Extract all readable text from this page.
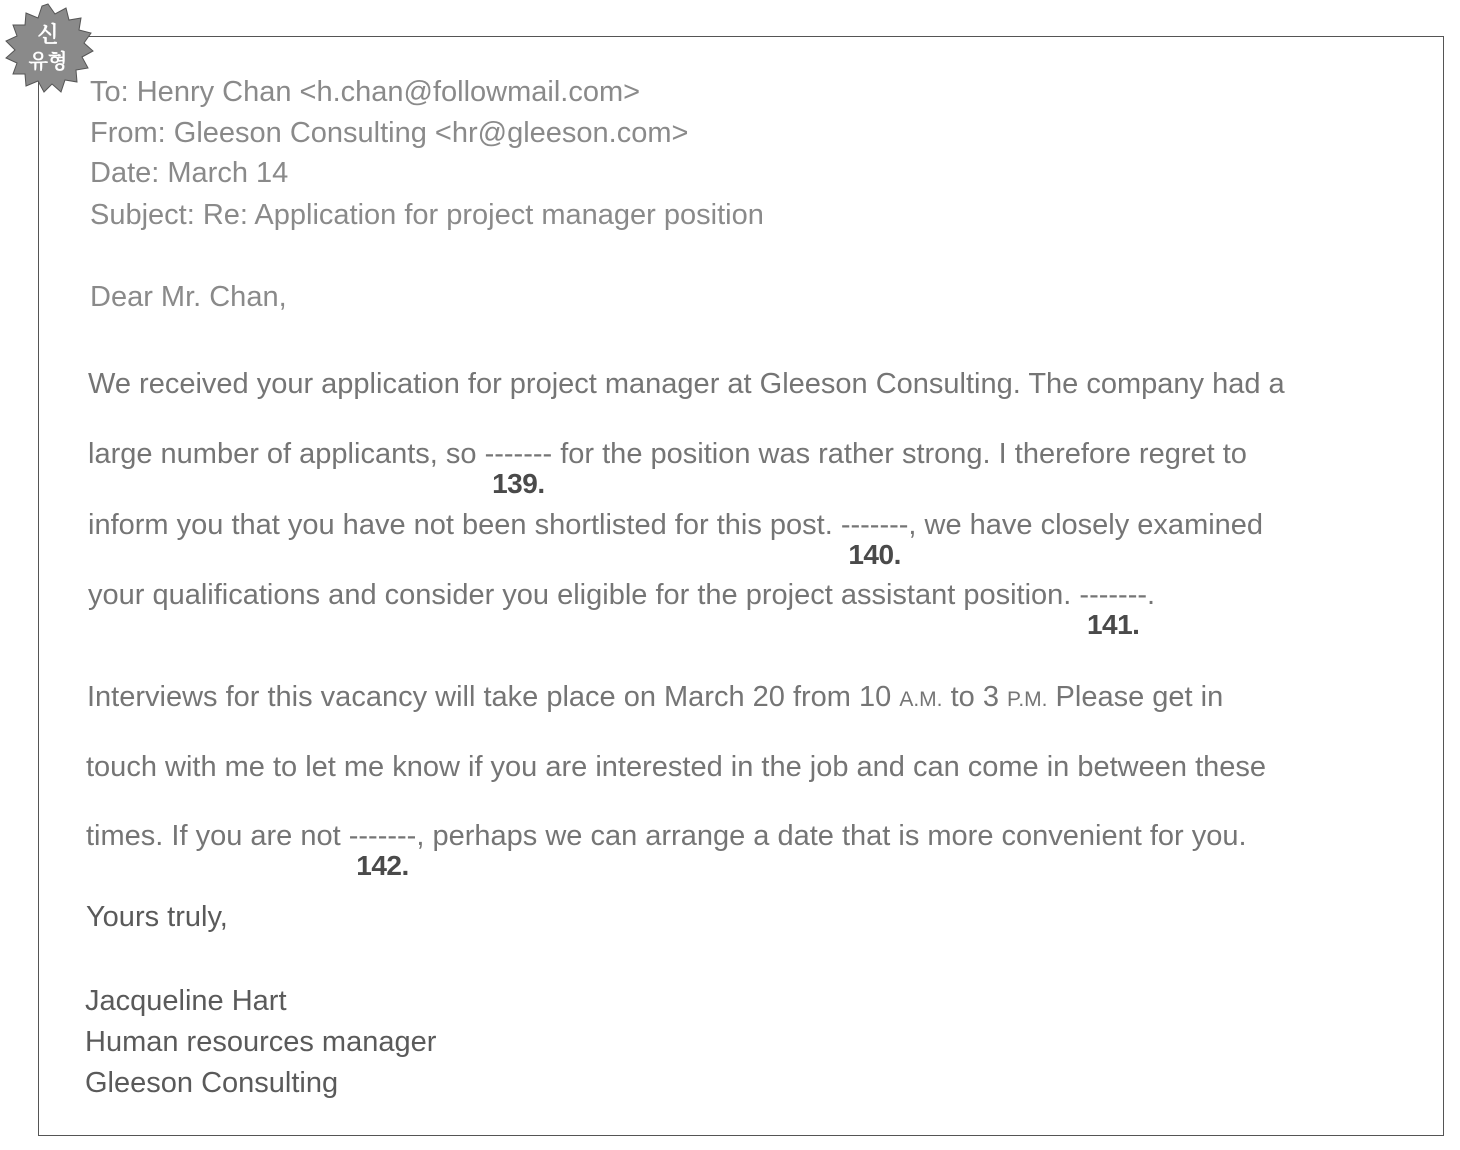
신
유형
To: Henry Chan <h.chan@followmail.com>
From: Gleeson Consulting <hr@gleeson.com>
Date: March 14
Subject: Re: Application for project manager position
Dear Mr. Chan,
We received your application for project manager at Gleeson Consulting. The company had a
large number of applicants, so -------
139.
for the position was rather strong. I therefore regret to
inform you that you have not been shortlisted for this post. -------
140.
, we have closely examined
your qualifications and consider you eligible for the project assistant position. -------
141.
.
Interviews for this vacancy will take place on March 20 from 10 A.M. to 3 P.M. Please get in
touch with me to let me know if you are interested in the job and can come in between these
times. If you are not -------
142.
, perhaps we can arrange a date that is more convenient for you.
Yours truly,
Jacqueline Hart
Human resources manager
Gleeson Consulting
